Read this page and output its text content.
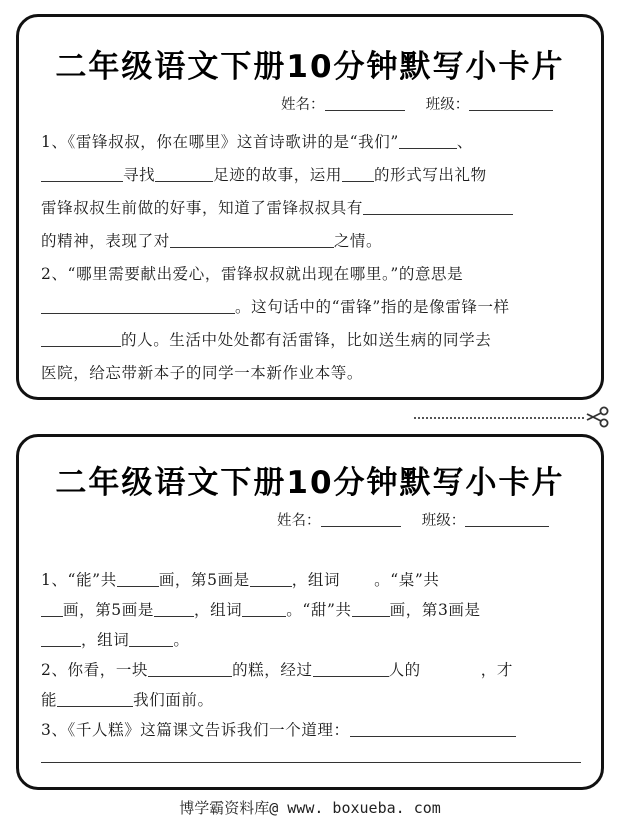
二年级语文下册10分钟默写小卡片
姓名：	班级：
1、《雷锋叔叔，你在哪里》这首诗歌讲的是“我们”	、
寻找	足迹的故事，运用 的形式写出礼物
雷锋叔叔生前做的好事，知道了雷锋叔叔具有
的精神，表现了对	之情。
2、“哪里需要献出爱心，雷锋叔叔就出现在哪里。”的意思是
。这句话中的“雷锋”指的是像雷锋一样
的人。生活中处处都有活雷锋，比如送生病的同学去
医院，给忘带新本子的同学一本新作业本等。
二年级语文下册10分钟默写小卡片
姓名：	班级：
1、“能”共	画，第5画是	，组词 。“桌”共
画，第5画是	，组词	。“甜”共 画，第3画是
，组词	。
2、你看，一块	的糕，经过	人的	，才
能	我们面前。
3、《千人糕》这篇课文告诉我们一个道理：
博学霸资料库@ www. boxueba. com
